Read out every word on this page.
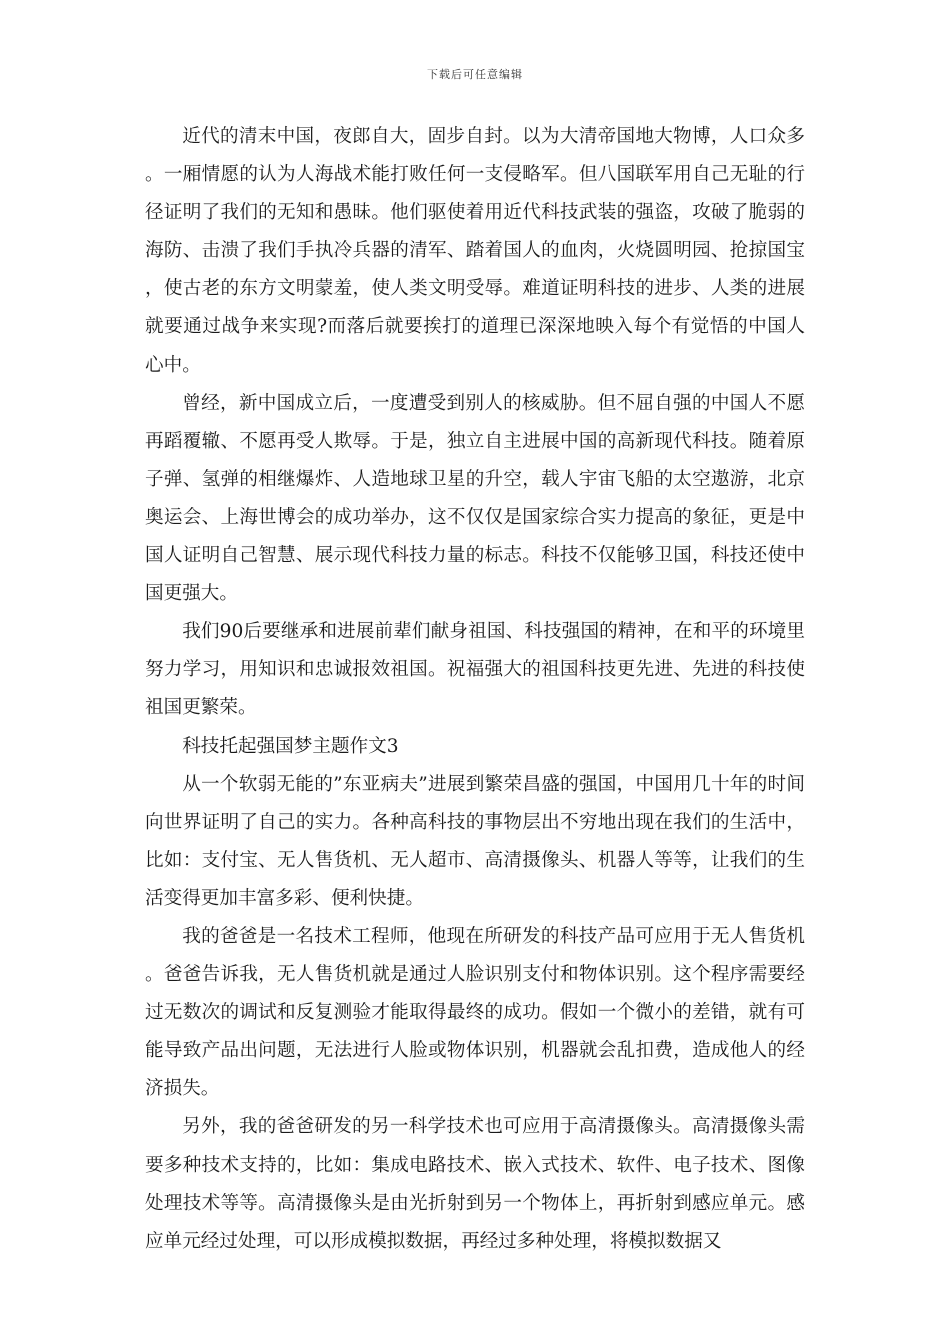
下载后可任意编辑

近代的清末中国，夜郎自大，固步自封。以为大清帝国地大物博，人口众多。一厢情愿的认为人海战术能打败任何一支侵略军。但八国联军用自己无耻的行径证明了我们的无知和愚昧。他们驱使着用近代科技武装的强盗，攻破了脆弱的海防、击溃了我们手执冷兵器的清军、踏着国人的血肉，火烧圆明园、抢掠国宝，使古老的东方文明蒙羞，使人类文明受辱。难道证明科技的进步、人类的进展就要通过战争来实现?而落后就要挨打的道理已深深地映入每个有觉悟的中国人心中。

曾经，新中国成立后，一度遭受到别人的核威胁。但不屈自强的中国人不愿再蹈覆辙、不愿再受人欺辱。于是，独立自主进展中国的高新现代科技。随着原子弹、氢弹的相继爆炸、人造地球卫星的升空，载人宇宙飞船的太空遨游，北京奥运会、上海世博会的成功举办，这不仅仅是国家综合实力提高的象征，更是中国人证明自己智慧、展示现代科技力量的标志。科技不仅能够卫国，科技还使中国更强大。

我们90后要继承和进展前辈们献身祖国、科技强国的精神，在和平的环境里努力学习，用知识和忠诚报效祖国。祝福强大的祖国科技更先进、先进的科技使祖国更繁荣。

科技托起强国梦主题作文3

从一个软弱无能的”东亚病夫”进展到繁荣昌盛的强国，中国用几十年的时间向世界证明了自己的实力。各种高科技的事物层出不穷地出现在我们的生活中，比如：支付宝、无人售货机、无人超市、高清摄像头、机器人等等，让我们的生活变得更加丰富多彩、便利快捷。

我的爸爸是一名技术工程师，他现在所研发的科技产品可应用于无人售货机。爸爸告诉我，无人售货机就是通过人脸识别支付和物体识别。这个程序需要经过无数次的调试和反复测验才能取得最终的成功。假如一个微小的差错，就有可能导致产品出问题，无法进行人脸或物体识别，机器就会乱扣费，造成他人的经济损失。

另外，我的爸爸研发的另一科学技术也可应用于高清摄像头。高清摄像头需要多种技术支持的，比如：集成电路技术、嵌入式技术、软件、电子技术、图像处理技术等等。高清摄像头是由光折射到另一个物体上，再折射到感应单元。感应单元经过处理，可以形成模拟数据，再经过多种处理，将模拟数据又
